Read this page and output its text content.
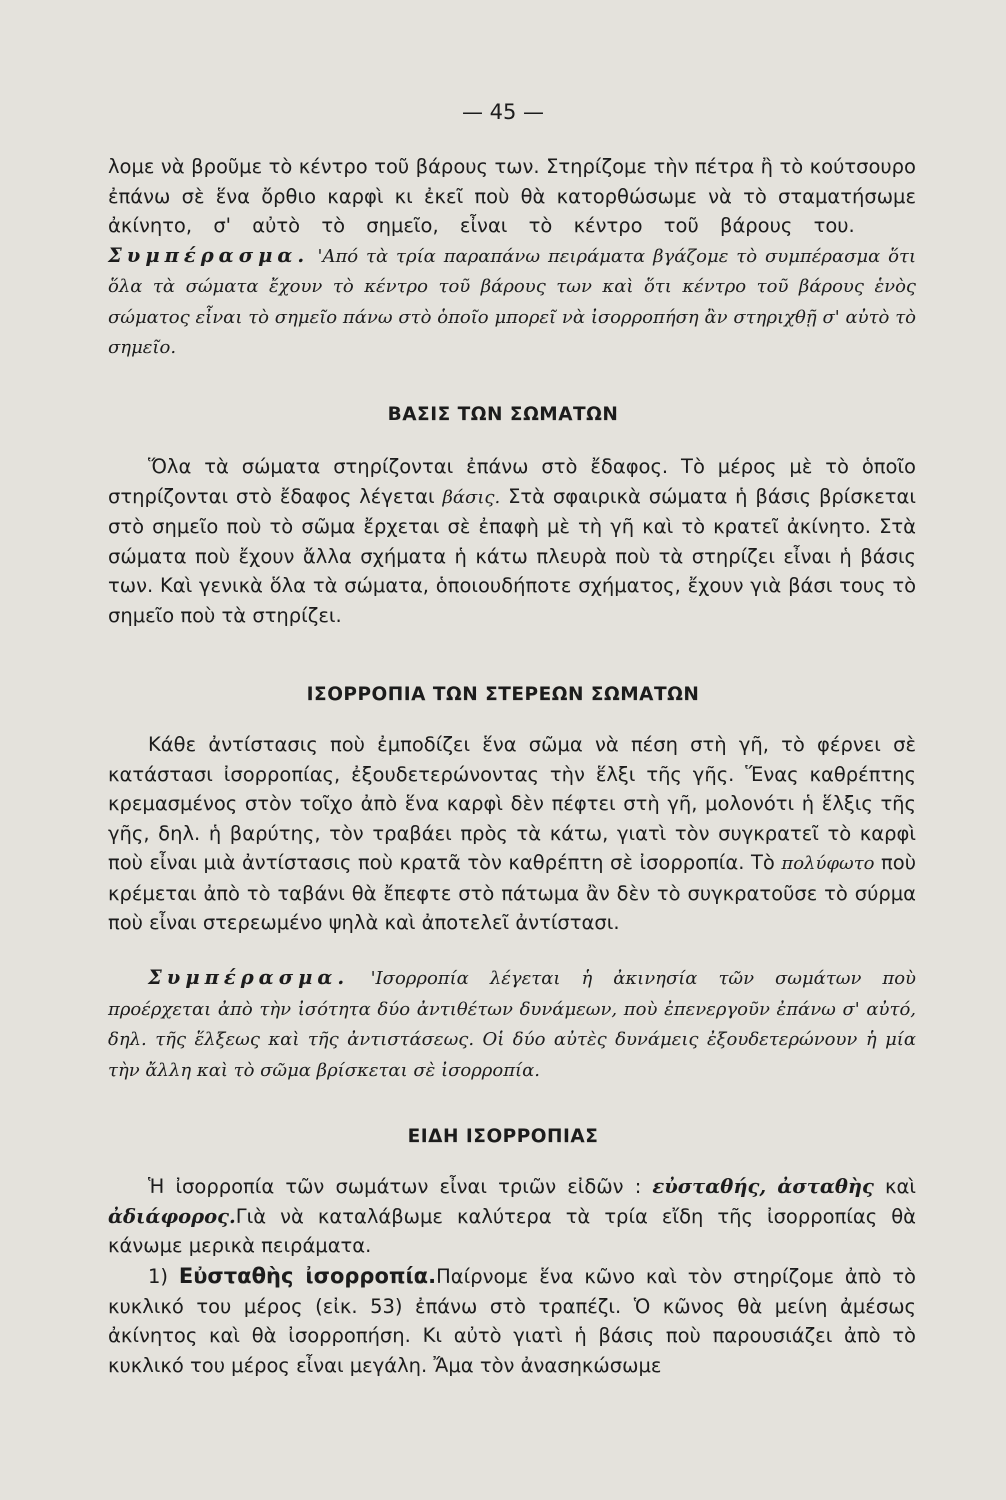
— 45 —

λομε νὰ βροῦμε τὸ κέντρο τοῦ βάρους των. Στηρίζομε τὴν πέτρα ἢ τὸ κούτσουρο ἐπάνω σὲ ἕνα ὄρθιο καρφὶ κι ἐκεῖ ποὺ θὰ κατορθώσωμε νὰ τὸ σταματήσωμε ἀκίνητο, σ' αὐτὸ τὸ σημεῖο, εἶναι τὸ κέντρο τοῦ βάρους του. Συμπέρασμα. 'Από τὰ τρία παραπάνω πειράματα βγάζομε τὸ συμπέρασμα ὅτι ὅλα τὰ σώματα ἔχουν τὸ κέντρο τοῦ βάρους των καὶ ὅτι κέντρο τοῦ βάρους ἑνὸς σώματος εἶναι τὸ σημεῖο πάνω στὸ ὁποῖο μπορεῖ νὰ ἰσορροπήση ἂν στηριχθῇ σ' αὐτὸ τὸ σημεῖο.

ΒΑΣΙΣ ΤΩΝ ΣΩΜΑΤΩΝ

Ὅλα τὰ σώματα στηρίζονται ἐπάνω στὸ ἔδαφος. Τὸ μέρος μὲ τὸ ὁποῖο στηρίζονται στὸ ἔδαφος λέγεται βάσις. Στὰ σφαιρικὰ σώματα ἡ βάσις βρίσκεται στὸ σημεῖο ποὺ τὸ σῶμα ἔρχεται σὲ ἐπαφὴ μὲ τὴ γῆ καὶ τὸ κρατεῖ ἀκίνητο. Στὰ σώματα ποὺ ἔχουν ἄλλα σχήματα ἡ κάτω πλευρὰ ποὺ τὰ στηρίζει εἶναι ἡ βάσις των. Καὶ γενικὰ ὅλα τὰ σώματα, ὁποιουδήποτε σχήματος, ἔχουν γιὰ βάσι τους τὸ σημεῖο ποὺ τὰ στηρίζει.

ΙΣΟΡΡΟΠΙΑ ΤΩΝ ΣΤΕΡΕΩΝ ΣΩΜΑΤΩΝ

Κάθε ἀντίστασις ποὺ ἐμποδίζει ἕνα σῶμα νὰ πέση στὴ γῆ, τὸ φέρνει σὲ κατάστασι ἰσορροπίας, ἐξουδετερώνοντας τὴν ἕλξι τῆς γῆς. Ἕνας καθρέπτης κρεμασμένος στὸν τοῖχο ἀπὸ ἕνα καρφὶ δὲν πέφτει στὴ γῆ, μολονότι ἡ ἕλξις τῆς γῆς, δηλ. ἡ βαρύτης, τὸν τραβάει πρὸς τὰ κάτω, γιατὶ τὸν συγκρατεῖ τὸ καρφὶ ποὺ εἶναι μιὰ ἀντίστασις ποὺ κρατᾶ τὸν καθρέπτη σὲ ἰσορροπία. Τὸ πολύφωτο ποὺ κρέμεται ἀπὸ τὸ ταβάνι θὰ ἔπεφτε στὸ πάτωμα ἂν δὲν τὸ συγκρατοῦσε τὸ σύρμα ποὺ εἶναι στερεωμένο ψηλὰ καὶ ἀποτελεῖ ἀντίστασι.

Συμπέρασμα. 'Ισορροπία λέγεται ἡ ἀκινησία τῶν σωμάτων ποὺ προέρχεται ἀπὸ τὴν ἰσότητα δύο ἀντιθέτων δυνάμεων, ποὺ ἐπενεργοῦν ἐπάνω σ' αὐτό, δηλ. τῆς ἕλξεως καὶ τῆς ἀντιστάσεως. Οἱ δύο αὐτὲς δυνάμεις ἐξουδετερώνουν ἡ μία τὴν ἄλλη καὶ τὸ σῶμα βρίσκεται σὲ ἰσορροπία.

ΕΙΔΗ ΙΣΟΡΡΟΠΙΑΣ

Ἡ ἰσορροπία τῶν σωμάτων εἶναι τριῶν εἰδῶν : εὐσταθής, ἀσταθὴς καὶ ἀδιάφορος.Γιὰ νὰ καταλάβωμε καλύτερα τὰ τρία εἴδη τῆς ἰσορροπίας θὰ κάνωμε μερικὰ πειράματα.

1) Εὐσταθὴς ἰσορροπία.Παίρνομε ἕνα κῶνο καὶ τὸν στηρίζομε ἀπὸ τὸ κυκλικό του μέρος (εἰκ. 53) ἐπάνω στὸ τραπέζι. Ὁ κῶνος θὰ μείνη ἀμέσως ἀκίνητος καὶ θὰ ἰσορροπήση. Κι αὐτὸ γιατὶ ἡ βάσις ποὺ παρουσιάζει ἀπὸ τὸ κυκλικό του μέρος εἶναι μεγάλη. Ἄμα τὸν ἀνασηκώσωμε
